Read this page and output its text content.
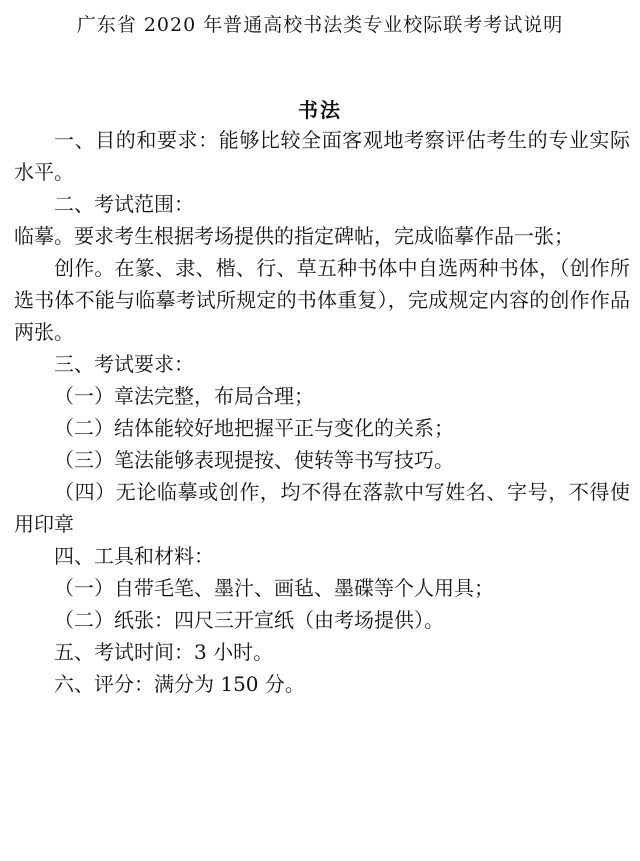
广东省 2020 年普通高校书法类专业校际联考考试说明
书法

一、目的和要求：能够比较全面客观地考察评估考生的专业实际水平。

二、考试范围：

临摹。要求考生根据考场提供的指定碑帖，完成临摹作品一张；

创作。在篆、隶、楷、行、草五种书体中自选两种书体，（创作所选书体不能与临摹考试所规定的书体重复），完成规定内容的创作作品两张。

三、考试要求：

（一）章法完整，布局合理；

（二）结体能较好地把握平正与变化的关系；

（三）笔法能够表现提按、使转等书写技巧。

（四）无论临摹或创作，均不得在落款中写姓名、字号，不得使用印章

四、工具和材料：

（一）自带毛笔、墨汁、画毡、墨碟等个人用具；

（二）纸张：四尺三开宣纸（由考场提供）。

五、考试时间：3 小时。

六、评分：满分为 150 分。
